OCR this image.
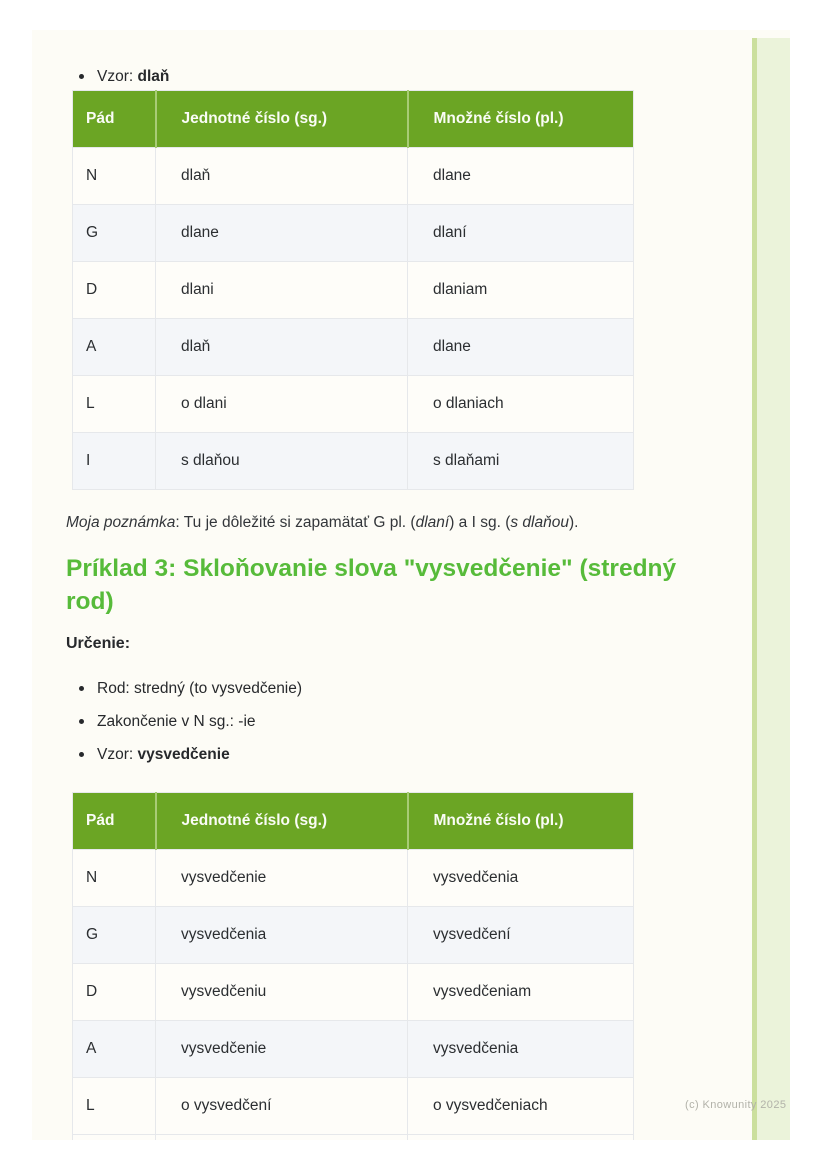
Vzor: dlaň
Pád	Jednotné číslo (sg.)	Množné číslo (pl.)
N	dlaň	dlane
G	dlane	dlaní
D	dlani	dlaniam
A	dlaň	dlane
L	o dlani	o dlaniach
I	s dlaňou	s dlaňami
Moja poznámka: Tu je dôležité si zapamätať G pl. (dlaní) a I sg. (s dlaňou).
Príklad 3: Skloňovanie slova "vysvedčenie" (stredný rod)
Určenie:
Rod: stredný (to vysvedčenie)
Zakončenie v N sg.: -ie
Vzor: vysvedčenie
Pád	Jednotné číslo (sg.)	Množné číslo (pl.)
N	vysvedčenie	vysvedčenia
G	vysvedčenia	vysvedčení
D	vysvedčeniu	vysvedčeniam
A	vysvedčenie	vysvedčenia
L	o vysvedčení	o vysvedčeniach
			(c) Knowunity 2025
